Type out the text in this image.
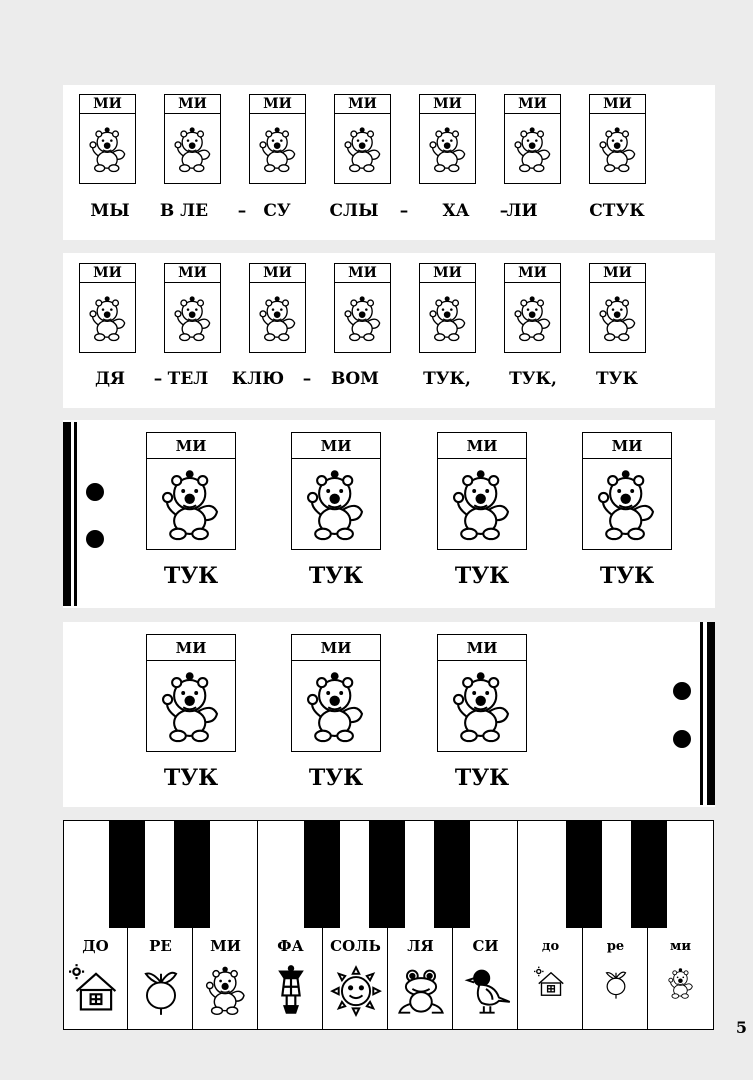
МИ	МИ	МИ	МИ	МИ	МИ	МИ
МИ	МИ	МИ	МИ	МИ	МИ	МИ
МИ	МИ	МИ	МИ
МИ	МИ	МИ
МЫ	В ЛЕ	–	СУ	СЛЫ	–	ХА	–
ЛИ	СТУК
ДЯ	– ТЕЛ	КЛЮ	–	ВОМ	ТУК,	ТУК,	ТУК
ТУК	ТУК	ТУК	ТУК
ТУК	ТУК	ТУК
ДО	РЕ	МИ	ФА	СОЛЬ	ЛЯ	СИ	до	ре	ми
5
